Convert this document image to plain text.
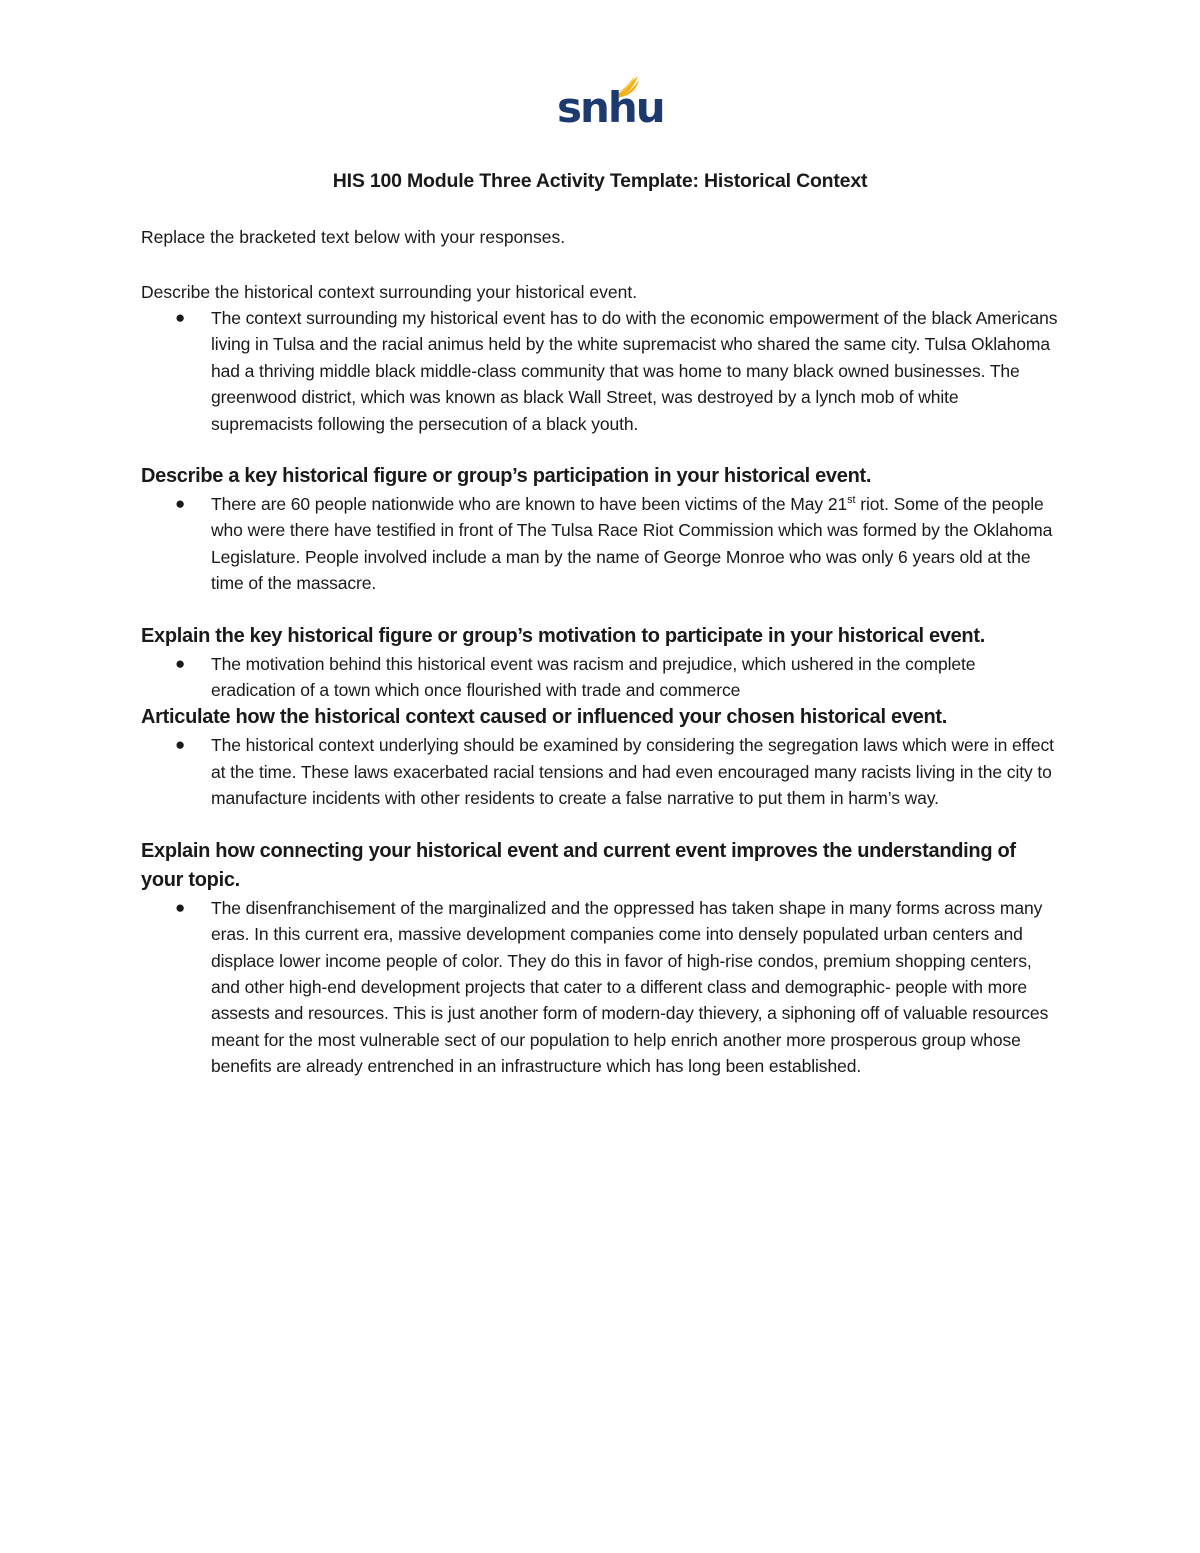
snhu
HIS 100 Module Three Activity Template: Historical Context

Replace the bracketed text below with your responses.

Describe the historical context surrounding your historical event.

● The context surrounding my historical event has to do with the economic empowerment of the black Americans living in Tulsa and the racial animus held by the white supremacist who shared the same city. Tulsa Oklahoma had a thriving middle black middle-class community that was home to many black owned businesses. The greenwood district, which was known as black Wall Street, was destroyed by a lynch mob of white supremacists following the persecution of a black youth.

Describe a key historical figure or group’s participation in your historical event.

● There are 60 people nationwide who are known to have been victims of the May 21st riot. Some of the people who were there have testified in front of The Tulsa Race Riot Commission which was formed by the Oklahoma Legislature. People involved include a man by the name of George Monroe who was only 6 years old at the time of the massacre.

Explain the key historical figure or group’s motivation to participate in your historical event.

● The motivation behind this historical event was racism and prejudice, which ushered in the complete eradication of a town which once flourished with trade and commerce

Articulate how the historical context caused or influenced your chosen historical event.

● The historical context underlying should be examined by considering the segregation laws which were in effect at the time. These laws exacerbated racial tensions and had even encouraged many racists living in the city to manufacture incidents with other residents to create a false narrative to put them in harm’s way.

Explain how connecting your historical event and current event improves the understanding of your topic.

● The disenfranchisement of the marginalized and the oppressed has taken shape in many forms across many eras. In this current era, massive development companies come into densely populated urban centers and displace lower income people of color. They do this in favor of high-rise condos, premium shopping centers, and other high-end development projects that cater to a different class and demographic- people with more assests and resources. This is just another form of modern-day thievery, a siphoning off of valuable resources meant for the most vulnerable sect of our population to help enrich another more prosperous group whose benefits are already entrenched in an infrastructure which has long been established.
